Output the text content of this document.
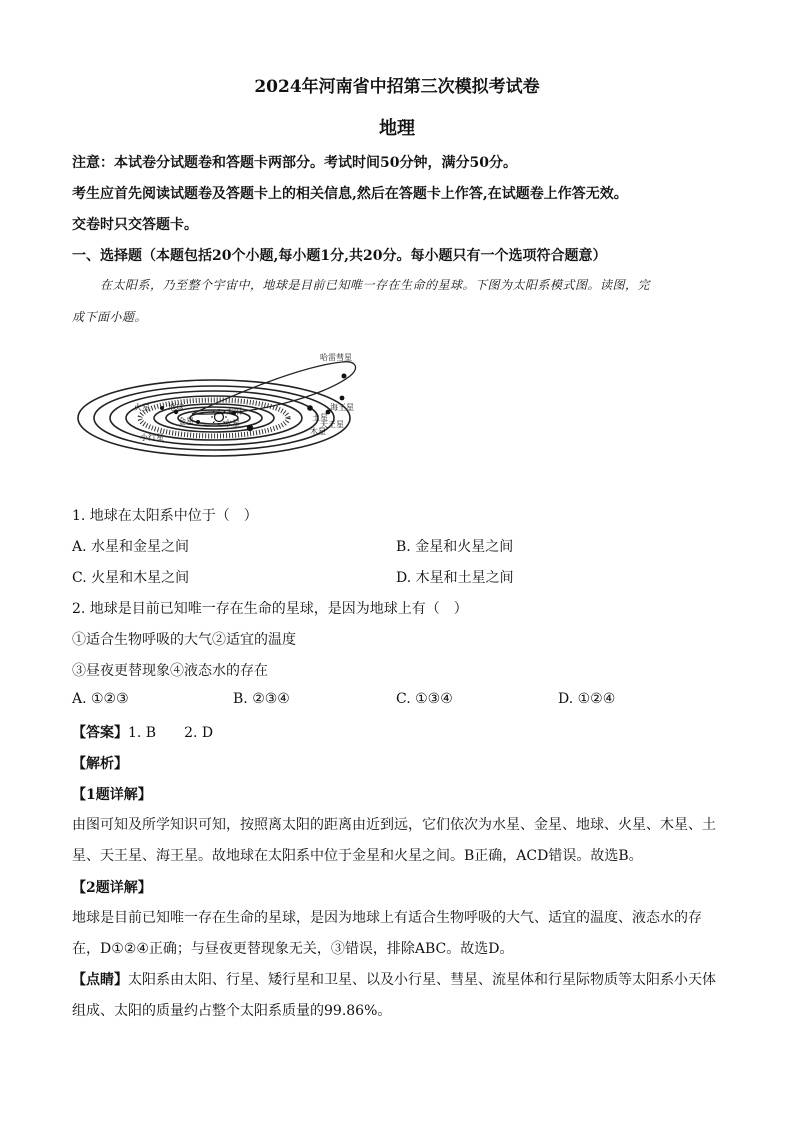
2024年河南省中招第三次模拟考试卷
地理
注意：本试卷分试题卷和答题卡两部分。考试时间50分钟，满分50分。
考生应首先阅读试题卷及答题卡上的相关信息,然后在答题卡上作答,在试题卷上作答无效。
交卷时只交答题卡。
一、选择题（本题包括20个小题,每小题1分,共20分。每小题只有一个选项符合题意）
在太阳系，乃至整个宇宙中，地球是目前已知唯一存在生命的星球。下图为太阳系模式图。读图，完
成下面小题。
哈雷彗星
火星 地球
金星	水星
太阳
小行星
木星
土星
天王星
海王星
1. 地球在太阳系中位于（　）
A. 水星和金星之间	B. 金星和火星之间
C. 火星和木星之间	D. 木星和土星之间
2. 地球是目前已知唯一存在生命的星球，是因为地球上有（　）
①适合生物呼吸的大气②适宜的温度
③昼夜更替现象④液态水的存在
A. ①②③	B. ②③④	C. ①③④	D. ①②④
【答案】1. B　　2. D
【解析】
【1题详解】
由图可知及所学知识可知，按照离太阳的距离由近到远，它们依次为水星、金星、地球、火星、木星、土星、天王星、海王星。故地球在太阳系中位于金星和火星之间。B正确，ACD错误。故选B。
【2题详解】
地球是目前已知唯一存在生命的星球，是因为地球上有适合生物呼吸的大气、适宜的温度、液态水的存在，D①②④正确；与昼夜更替现象无关，③错误，排除ABC。故选D。
【点睛】太阳系由太阳、行星、矮行星和卫星、以及小行星、彗星、流星体和行星际物质等太阳系小天体组成、太阳的质量约占整个太阳系质量的99.86%。
